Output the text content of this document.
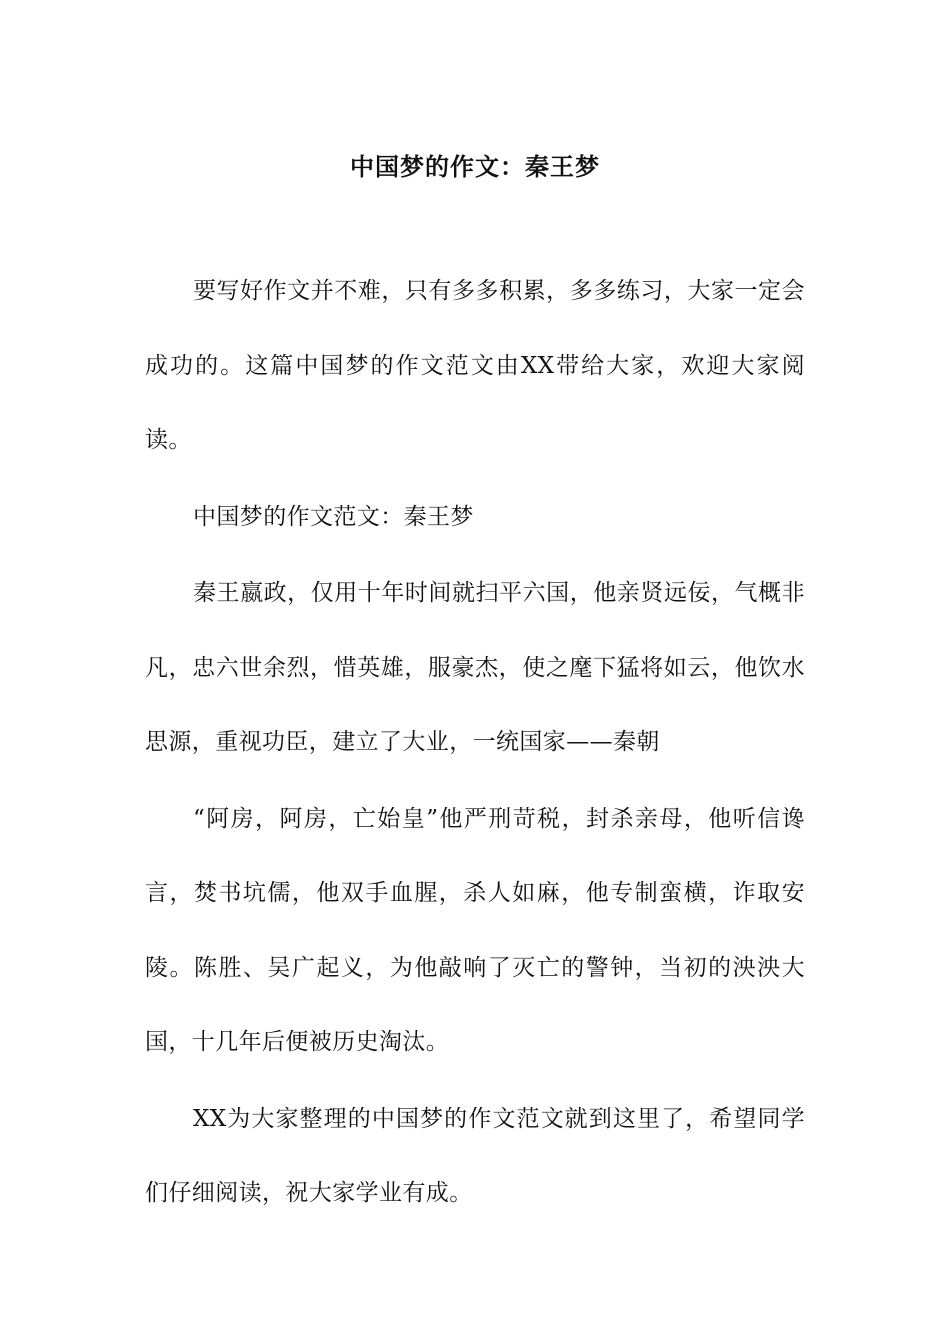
中国梦的作文：秦王梦

要写好作文并不难，只有多多积累，多多练习，大家一定会成功的。这篇中国梦的作文范文由XX带给大家，欢迎大家阅读。

中国梦的作文范文：秦王梦

秦王嬴政，仅用十年时间就扫平六国，他亲贤远佞，气概非凡，忠六世余烈，惜英雄，服豪杰，使之麾下猛将如云，他饮水思源，重视功臣，建立了大业，一统国家——秦朝

“阿房，阿房，亡始皇”他严刑苛税，封杀亲母，他听信谗言，焚书坑儒，他双手血腥，杀人如麻，他专制蛮横，诈取安陵。陈胜、吴广起义，为他敲响了灭亡的警钟，当初的泱泱大国，十几年后便被历史淘汰。

XX为大家整理的中国梦的作文范文就到这里了，希望同学们仔细阅读，祝大家学业有成。
